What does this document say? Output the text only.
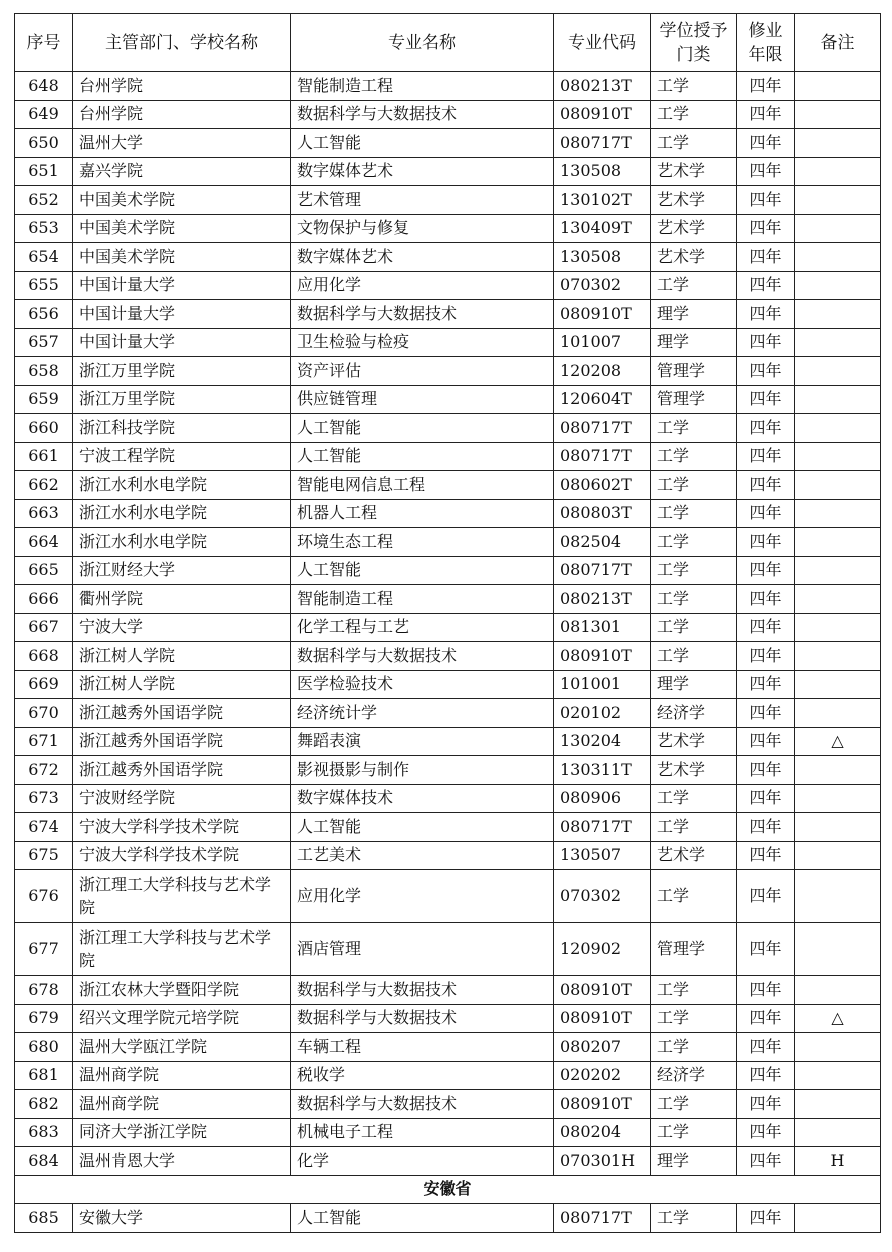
序号	主管部门、学校名称	专业名称	专业代码	学位授予门类	修业年限	备注
648	台州学院	智能制造工程	080213T	工学	四年	
649	台州学院	数据科学与大数据技术	080910T	工学	四年	
650	温州大学	人工智能	080717T	工学	四年	
651	嘉兴学院	数字媒体艺术	130508	艺术学	四年	
652	中国美术学院	艺术管理	130102T	艺术学	四年	
653	中国美术学院	文物保护与修复	130409T	艺术学	四年	
654	中国美术学院	数字媒体艺术	130508	艺术学	四年	
655	中国计量大学	应用化学	070302	工学	四年	
656	中国计量大学	数据科学与大数据技术	080910T	理学	四年	
657	中国计量大学	卫生检验与检疫	101007	理学	四年	
658	浙江万里学院	资产评估	120208	管理学	四年	
659	浙江万里学院	供应链管理	120604T	管理学	四年	
660	浙江科技学院	人工智能	080717T	工学	四年	
661	宁波工程学院	人工智能	080717T	工学	四年	
662	浙江水利水电学院	智能电网信息工程	080602T	工学	四年	
663	浙江水利水电学院	机器人工程	080803T	工学	四年	
664	浙江水利水电学院	环境生态工程	082504	工学	四年	
665	浙江财经大学	人工智能	080717T	工学	四年	
666	衢州学院	智能制造工程	080213T	工学	四年	
667	宁波大学	化学工程与工艺	081301	工学	四年	
668	浙江树人学院	数据科学与大数据技术	080910T	工学	四年	
669	浙江树人学院	医学检验技术	101001	理学	四年	
670	浙江越秀外国语学院	经济统计学	020102	经济学	四年	
671	浙江越秀外国语学院	舞蹈表演	130204	艺术学	四年	△
672	浙江越秀外国语学院	影视摄影与制作	130311T	艺术学	四年	
673	宁波财经学院	数字媒体技术	080906	工学	四年	
674	宁波大学科学技术学院	人工智能	080717T	工学	四年	
675	宁波大学科学技术学院	工艺美术	130507	艺术学	四年	
676	浙江理工大学科技与艺术学院	应用化学	070302	工学	四年	
677	浙江理工大学科技与艺术学院	酒店管理	120902	管理学	四年	
678	浙江农林大学暨阳学院	数据科学与大数据技术	080910T	工学	四年	
679	绍兴文理学院元培学院	数据科学与大数据技术	080910T	工学	四年	△
680	温州大学瓯江学院	车辆工程	080207	工学	四年	
681	温州商学院	税收学	020202	经济学	四年	
682	温州商学院	数据科学与大数据技术	080910T	工学	四年	
683	同济大学浙江学院	机械电子工程	080204	工学	四年	
684	温州肯恩大学	化学	070301H	理学	四年	H
安徽省						
685	安徽大学	人工智能	080717T	工学	四年	
